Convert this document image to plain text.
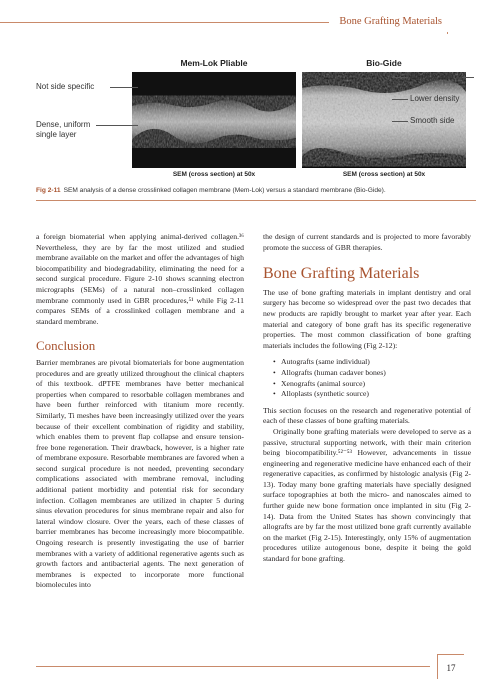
Bone Grafting Materials
Mem-Lok Pliable
SEM (cross section) at 50x
Not side specific
Dense, uniform
single layer
Bio-Gide
SEM (cross section) at 50x
Fibrous side
Lower density
Smooth side
Fig 2-11 SEM analysis of a dense crosslinked collagen membrane (Mem-Lok) versus a standard membrane (Bio-Gide).

a foreign biomaterial when applying animal-derived collagen.³⁶ Nevertheless, they are by far the most utilized and studied membrane available on the market and offer the advantages of high biocompatibility and biodegradability, eliminating the need for a second surgical procedure. Figure 2-10 shows scanning electron micrographs (SEMs) of a natural non–crosslinked collagen membrane commonly used in GBR procedures,⁵¹ while Fig 2-11 compares SEMs of a crosslinked collagen membrane and a standard membrane.

Conclusion

Barrier membranes are pivotal biomaterials for bone augmentation procedures and are greatly utilized throughout the clinical chapters of this textbook. dPTFE membranes have better mechanical properties when compared to resorbable collagen membranes and have been further reinforced with titanium more recently. Similarly, Ti meshes have been increasingly utilized over the years because of their excellent combination of rigidity and stability, which enables them to prevent flap collapse and ensure tension-free bone regeneration. Their drawback, however, is a higher rate of membrane exposure. Resorbable membranes are favored when a second surgical procedure is not needed, preventing secondary complications associated with membrane removal, including additional patient morbidity and potential risk for secondary infection. Collagen membranes are utilized in chapter 5 during sinus elevation procedures for sinus membrane repair and also for lateral window closure. Over the years, each of these classes of barrier membranes has become increasingly more biocompatible. Ongoing research is presently investigating the use of barrier membranes with a variety of additional regenerative agents such as growth factors and antibacterial agents. The next generation of membranes is expected to incorporate more functional biomolecules into

the design of current standards and is projected to more favorably promote the success of GBR therapies.

Bone Grafting Materials

The use of bone grafting materials in implant dentistry and oral surgery has become so widespread over the past two decades that new products are rapidly brought to market year after year. Each material and category of bone graft has its specific regenerative properties. The most common classification of bone grafting materials includes the following (Fig 2-12):

• Autografts (same individual)
• Allografts (human cadaver bones)
• Xenografts (animal source)
• Alloplasts (synthetic source)

This section focuses on the research and regenerative potential of each of these classes of bone grafting materials.

Originally bone grafting materials were developed to serve as a passive, structural supporting network, with their main criterion being biocompatibility.⁵²⁻⁵³ However, advancements in tissue engineering and regenerative medicine have enhanced each of their regenerative capacities, as confirmed by histologic analysis (Fig 2-13). Today many bone grafting materials have specially designed surface topographies at both the micro- and nanoscales aimed to further guide new bone formation once implanted in situ (Fig 2-14). Data from the United States has shown convincingly that allografts are by far the most utilized bone graft currently available on the market (Fig 2-15). Interestingly, only 15% of augmentation procedures utilize autogenous bone, despite it being the gold standard for bone grafting.

17
